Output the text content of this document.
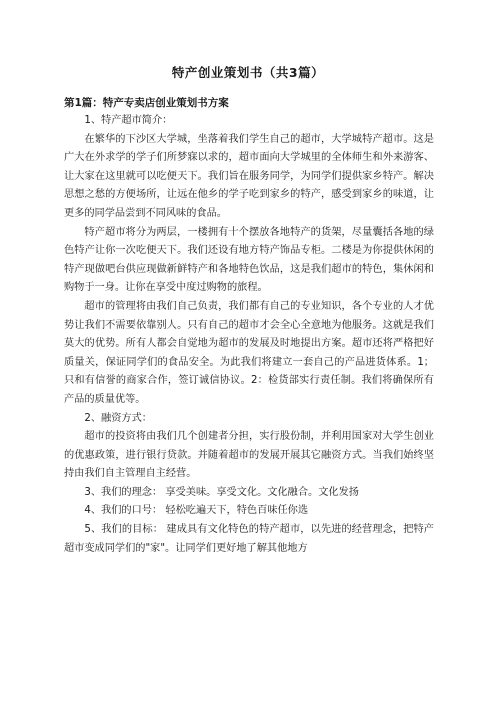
特产创业策划书（共3篇）
第1篇：特产专卖店创业策划书方案

1、特产超市简介：

在繁华的下沙区大学城，坐落着我们学生自己的超市，大学城特产超市。这是广大在外求学的学子们所梦寐以求的，超市面向大学城里的全体师生和外来游客、让大家在这里就可以吃便天下。我们旨在服务同学，为同学们提供家乡特产。解决思想之愁的方便场所，让远在他乡的学子吃到家乡的特产，感受到家乡的味道，让更多的同学品尝到不同风味的食品。

特产超市将分为两层，一楼拥有十个摆放各地特产的货架，尽量囊括各地的绿色特产让你一次吃便天下。我们还设有地方特产饰品专柜。二楼是为你提供休闲的特产现做吧台供应现做新鲜特产和各地特色饮品，这是我们超市的特色，集休闲和购物于一身。让你在享受中度过购物的旅程。

超市的管理将由我们自己负责，我们都有自己的专业知识，各个专业的人才优势让我们不需要依靠别人。只有自己的超市才会全心全意地为他服务。这就是我们莫大的优势。所有人都会自觉地为超市的发展及时地提出方案。超市还将严格把好质量关，保证同学们的食品安全。为此我们将建立一套自己的产品进货体系。1；只和有信誉的商家合作，签订诚信协议。2：检货部实行责任制。我们将确保所有产品的质量优等。

2、融资方式：

超市的投资将由我们几个创建者分担，实行股份制，并利用国家对大学生创业的优惠政策，进行银行贷款。并随着超市的发展开展其它融资方式。当我们始终坚持由我们自主管理自主经营。

3、我们的理念： 享受美味。享受文化。文化融合。文化发扬

4、我们的口号： 轻松吃遍天下，特色百味任你选

5、我们的目标： 建成具有文化特色的特产超市，以先进的经营理念，把特产超市变成同学们的"家"。让同学们更好地了解其他地方
